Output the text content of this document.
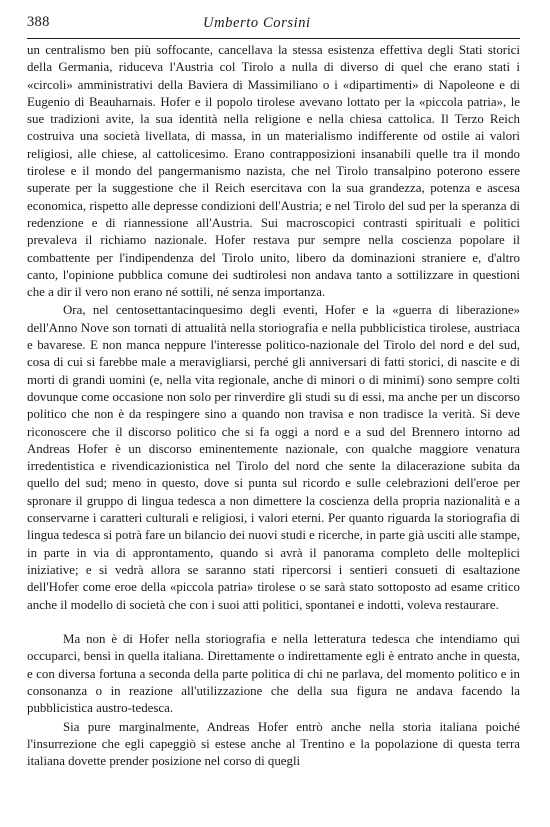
388	Umberto Corsini

un centralismo ben più soffocante, cancellava la stessa esistenza effettiva degli Stati storici della Germania, riduceva l'Austria col Tirolo a nulla di diverso di quel che erano stati i «circoli» amministrativi della Baviera di Massimiliano o i «dipartimenti» di Napoleone e di Eugenio di Beauharnais. Hofer e il popolo tirolese avevano lottato per la «piccola patria», le sue tradizioni avite, la sua identità nella religione e nella chiesa cattolica. Il Terzo Reich costruiva una società livellata, di massa, in un materialismo indifferente od ostile ai valori religiosi, alle chiese, al cattolicesimo. Erano contrapposizioni insanabili quelle tra il mondo tirolese e il mondo del pangermanismo nazista, che nel Tirolo transalpino poterono essere superate per la suggestione che il Reich esercitava con la sua grandezza, potenza e ascesa economica, rispetto alle depresse condizioni dell'Austria; e nel Tirolo del sud per la speranza di redenzione e di riannessione all'Austria. Sui macroscopici contrasti spirituali e politici prevaleva il richiamo nazionale. Hofer restava pur sempre nella coscienza popolare il combattente per l'indipendenza del Tirolo unito, libero da dominazioni straniere e, d'altro canto, l'opinione pubblica comune dei sudtirolesi non andava tanto a sottilizzare in questioni che a dir il vero non erano né sottili, né senza importanza.

Ora, nel centosettantacinquesimo degli eventi, Hofer e la «guerra di liberazione» dell'Anno Nove son tornati di attualità nella storiografia e nella pubblicistica tirolese, austriaca e bavarese. E non manca neppure l'interesse politico-nazionale del Tirolo del nord e del sud, cosa di cui si farebbe male a meravigliarsi, perché gli anniversari di fatti storici, di nascite e di morti di grandi uomini (e, nella vita regionale, anche di minori o di minimi) sono sempre colti dovunque come occasione non solo per rinverdire gli studi su di essi, ma anche per un discorso politico che non è da respingere sino a quando non travisa e non tradisce la verità. Si deve riconoscere che il discorso politico che si fa oggi a nord e a sud del Brennero intorno ad Andreas Hofer è un discorso eminentemente nazionale, con qualche maggiore venatura irredentistica e rivendicazionistica nel Tirolo del nord che sente la dilacerazione subita da quello del sud; meno in questo, dove si punta sul ricordo e sulle celebrazioni dell'eroe per spronare il gruppo di lingua tedesca a non dimettere la coscienza della propria nazionalità e a conservarne i caratteri culturali e religiosi, i valori eterni. Per quanto riguarda la storiografia di lingua tedesca si potrà fare un bilancio dei nuovi studi e ricerche, in parte già usciti alle stampe, in parte in via di approntamento, quando si avrà il panorama completo delle molteplici iniziative; e si vedrà allora se saranno stati ripercorsi i sentieri consueti di esaltazione dell'Hofer come eroe della «piccola patria» tirolese o se sarà stato sottoposto ad esame critico anche il modello di società che con i suoi atti politici, spontanei e indotti, voleva restaurare.

Ma non è di Hofer nella storiografia e nella letteratura tedesca che intendiamo qui occuparci, bensì in quella italiana. Direttamente o indirettamente egli è entrato anche in questa, e con diversa fortuna a seconda della parte politica di chi ne parlava, del momento politico e in consonanza o in reazione all'utilizzazione che della sua figura ne andava facendo la pubblicistica austro-tedesca.

Sia pure marginalmente, Andreas Hofer entrò anche nella storia italiana poiché l'insurrezione che egli capeggiò si estese anche al Trentino e la popolazione di questa terra italiana dovette prender posizione nel corso di quegli
